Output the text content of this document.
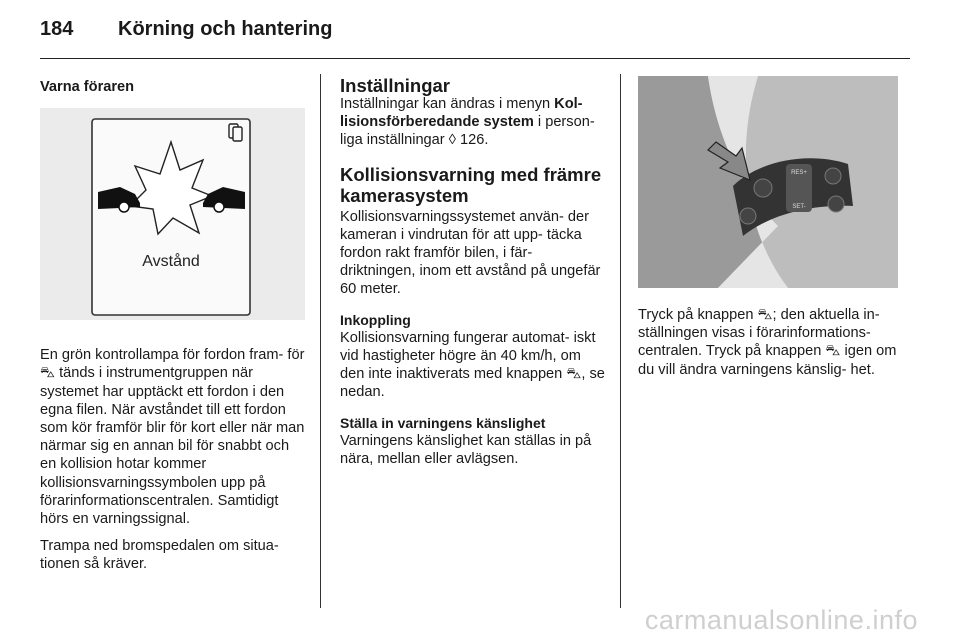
184	Körning och hantering
Varna föraren
Avstånd

En grön kontrollampa för fordon fram- för ⛍ tänds i instrumentgruppen när systemet har upptäckt ett fordon i den egna filen. När avståndet till ett fordon som kör framför blir för kort eller när man närmar sig en annan bil för snabbt och en kollision hotar kommer kollisionsvarningssymbolen upp på förarinformationscentralen. Samtidigt hörs en varningssignal.

Trampa ned bromspedalen om situa- tionen så kräver.

Inställningar

Inställningar kan ändras i menyn Kol- lisionsförberedande system i person- liga inställningar ◊ 126.

Kollisionsvarning med främre kamerasystem

Kollisionsvarningssystemet använ- der kameran i vindrutan för att upp- täcka fordon rakt framför bilen, i fär- driktningen, inom ett avstånd på ungefär 60 meter.

Inkoppling

Kollisionsvarning fungerar automat- iskt vid hastigheter högre än 40 km/h, om den inte inaktiverats med knappen ⛍, se nedan.

Ställa in varningens känslighet

Varningens känslighet kan ställas in på nära, mellan eller avlägsen.

RES+
SET-

Tryck på knappen ⛍; den aktuella in- ställningen visas i förarinformations- centralen. Tryck på knappen ⛍ igen om du vill ändra varningens känslig- het.

carmanualsonline.info
